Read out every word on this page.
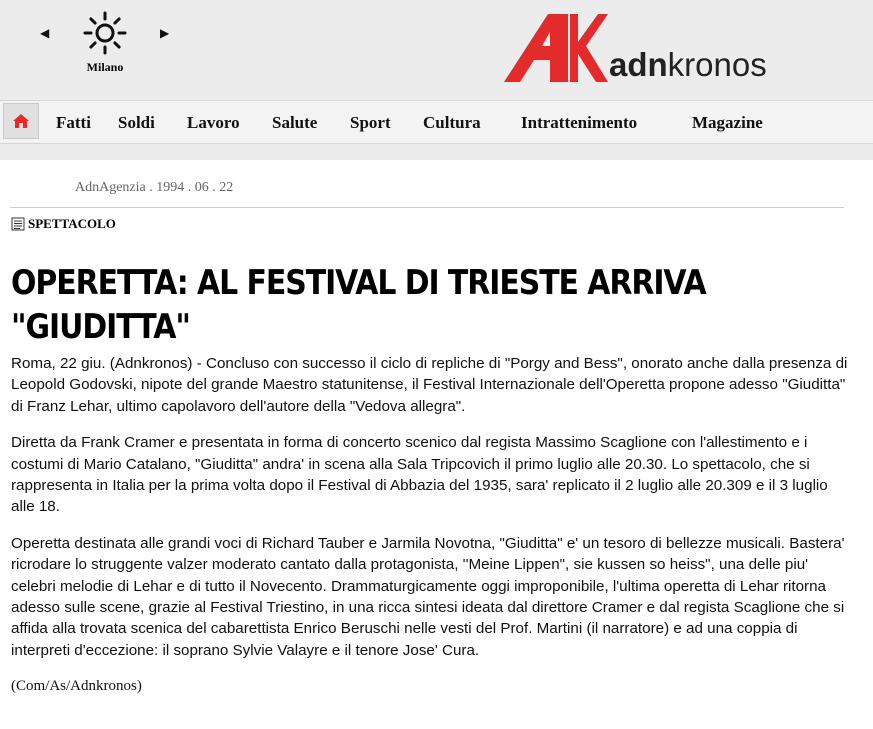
◀	▶
Milano	adnkronos
Fatti Soldi Lavoro Salute Sport Cultura Intrattenimento	Magazine
AdnAgenzia . 1994 . 06 . 22
SPETTACOLO
OPERETTA: AL FESTIVAL DI TRIESTE ARRIVA "GIUDITTA"

Roma, 22 giu. (Adnkronos) - Concluso con successo il ciclo di repliche di "Porgy and Bess", onorato anche dalla presenza di Leopold Godovski, nipote del grande Maestro statunitense, il Festival Internazionale dell'Operetta propone adesso "Giuditta" di Franz Lehar, ultimo capolavoro dell'autore della "Vedova allegra".

Diretta da Frank Cramer e presentata in forma di concerto scenico dal regista Massimo Scaglione con l'allestimento e i costumi di Mario Catalano, "Giuditta" andra' in scena alla Sala Tripcovich il primo luglio alle 20.30. Lo spettacolo, che si rappresenta in Italia per la prima volta dopo il Festival di Abbazia del 1935, sara' replicato il 2 luglio alle 20.309 e il 3 luglio alle 18.

Operetta destinata alle grandi voci di Richard Tauber e Jarmila Novotna, "Giuditta" e' un tesoro di bellezze musicali. Bastera' ricrodare lo struggente valzer moderato cantato dalla protagonista, ''Meine Lippen", sie kussen so heiss", una delle piu' celebri melodie di Lehar e di tutto il Novecento. Drammaturgicamente oggi improponibile, l'ultima operetta di Lehar ritorna adesso sulle scene, grazie al Festival Triestino, in una ricca sintesi ideata dal direttore Cramer e dal regista Scaglione che si affida alla trovata scenica del cabarettista Enrico Beruschi nelle vesti del Prof. Martini (il narratore) e ad una coppia di interpreti d'eccezione: il soprano Sylvie Valayre e il tenore Jose' Cura.

(Com/As/Adnkronos)
